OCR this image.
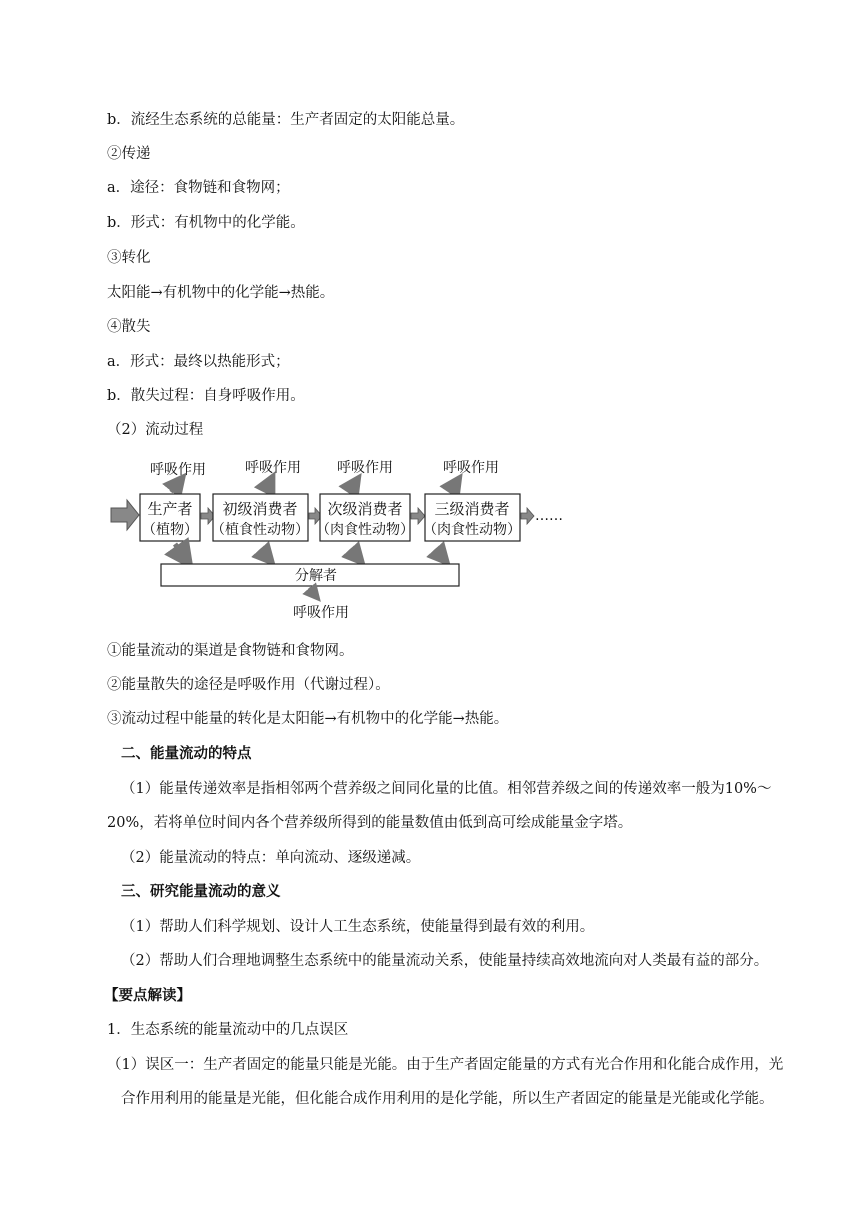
b．流经生态系统的总能量：生产者固定的太阳能总量。
②传递
a．途径：食物链和食物网；
b．形式：有机物中的化学能。
③转化
太阳能→有机物中的化学能→热能。
④散失
a．形式：最终以热能形式；
b．散失过程：自身呼吸作用。
（2）流动过程
呼吸作用	呼吸作用	呼吸作用	呼吸作用
生产者
（植物）
初级消费者
（植食性动物）
次级消费者
（肉食性动物）
三级消费者
（肉食性动物）
……
分解者
呼吸作用
①能量流动的渠道是食物链和食物网。
②能量散失的途径是呼吸作用（代谢过程）。
③流动过程中能量的转化是太阳能→有机物中的化学能→热能。
二、能量流动的特点
（1）能量传递效率是指相邻两个营养级之间同化量的比值。相邻营养级之间的传递效率一般为10%～
20%，若将单位时间内各个营养级所得到的能量数值由低到高可绘成能量金字塔。
（2）能量流动的特点：单向流动、逐级递减。
三、研究能量流动的意义
（1）帮助人们科学规划、设计人工生态系统，使能量得到最有效的利用。
（2）帮助人们合理地调整生态系统中的能量流动关系，使能量持续高效地流向对人类最有益的部分。
【要点解读】
1．生态系统的能量流动中的几点误区
（1）误区一：生产者固定的能量只能是光能。由于生产者固定能量的方式有光合作用和化能合成作用，光
合作用利用的能量是光能，但化能合成作用利用的是化学能，所以生产者固定的能量是光能或化学能。
